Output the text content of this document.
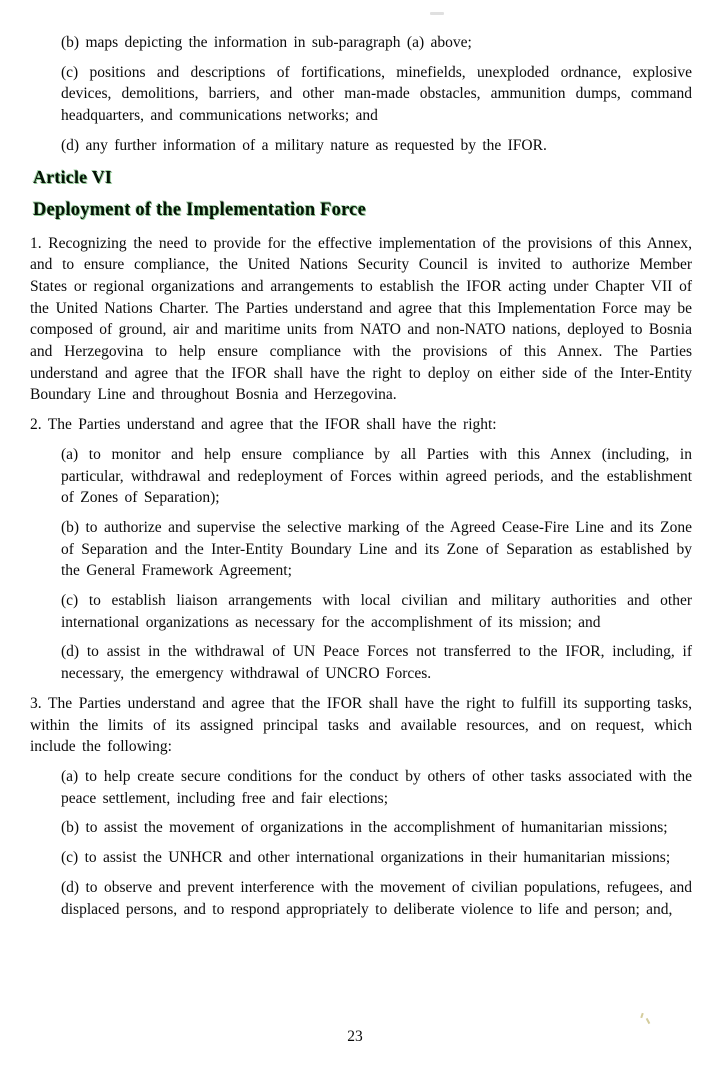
(b) maps depicting the information in sub-paragraph (a) above;

(c) positions and descriptions of fortifications, minefields, unexploded ordnance, explosive devices, demolitions, barriers, and other man-made obstacles, ammunition dumps, command headquarters, and communications networks; and

(d) any further information of a military nature as requested by the IFOR.

Article VI
Deployment of the Implementation Force

1. Recognizing the need to provide for the effective implementation of the provisions of this Annex, and to ensure compliance, the United Nations Security Council is invited to authorize Member States or regional organizations and arrangements to establish the IFOR acting under Chapter VII of the United Nations Charter. The Parties understand and agree that this Implementation Force may be composed of ground, air and maritime units from NATO and non-NATO nations, deployed to Bosnia and Herzegovina to help ensure compliance with the provisions of this Annex. The Parties understand and agree that the IFOR shall have the right to deploy on either side of the Inter-Entity Boundary Line and throughout Bosnia and Herzegovina.

2. The Parties understand and agree that the IFOR shall have the right:

(a) to monitor and help ensure compliance by all Parties with this Annex (including, in particular, withdrawal and redeployment of Forces within agreed periods, and the establishment of Zones of Separation);

(b) to authorize and supervise the selective marking of the Agreed Cease-Fire Line and its Zone of Separation and the Inter-Entity Boundary Line and its Zone of Separation as established by the General Framework Agreement;

(c) to establish liaison arrangements with local civilian and military authorities and other international organizations as necessary for the accomplishment of its mission; and

(d) to assist in the withdrawal of UN Peace Forces not transferred to the IFOR, including, if necessary, the emergency withdrawal of UNCRO Forces.

3. The Parties understand and agree that the IFOR shall have the right to fulfill its supporting tasks, within the limits of its assigned principal tasks and available resources, and on request, which include the following:

(a) to help create secure conditions for the conduct by others of other tasks associated with the peace settlement, including free and fair elections;

(b) to assist the movement of organizations in the accomplishment of humanitarian missions;

(c) to assist the UNHCR and other international organizations in their humanitarian missions;

(d) to observe and prevent interference with the movement of civilian populations, refugees, and displaced persons, and to respond appropriately to deliberate violence to life and person; and,

23
